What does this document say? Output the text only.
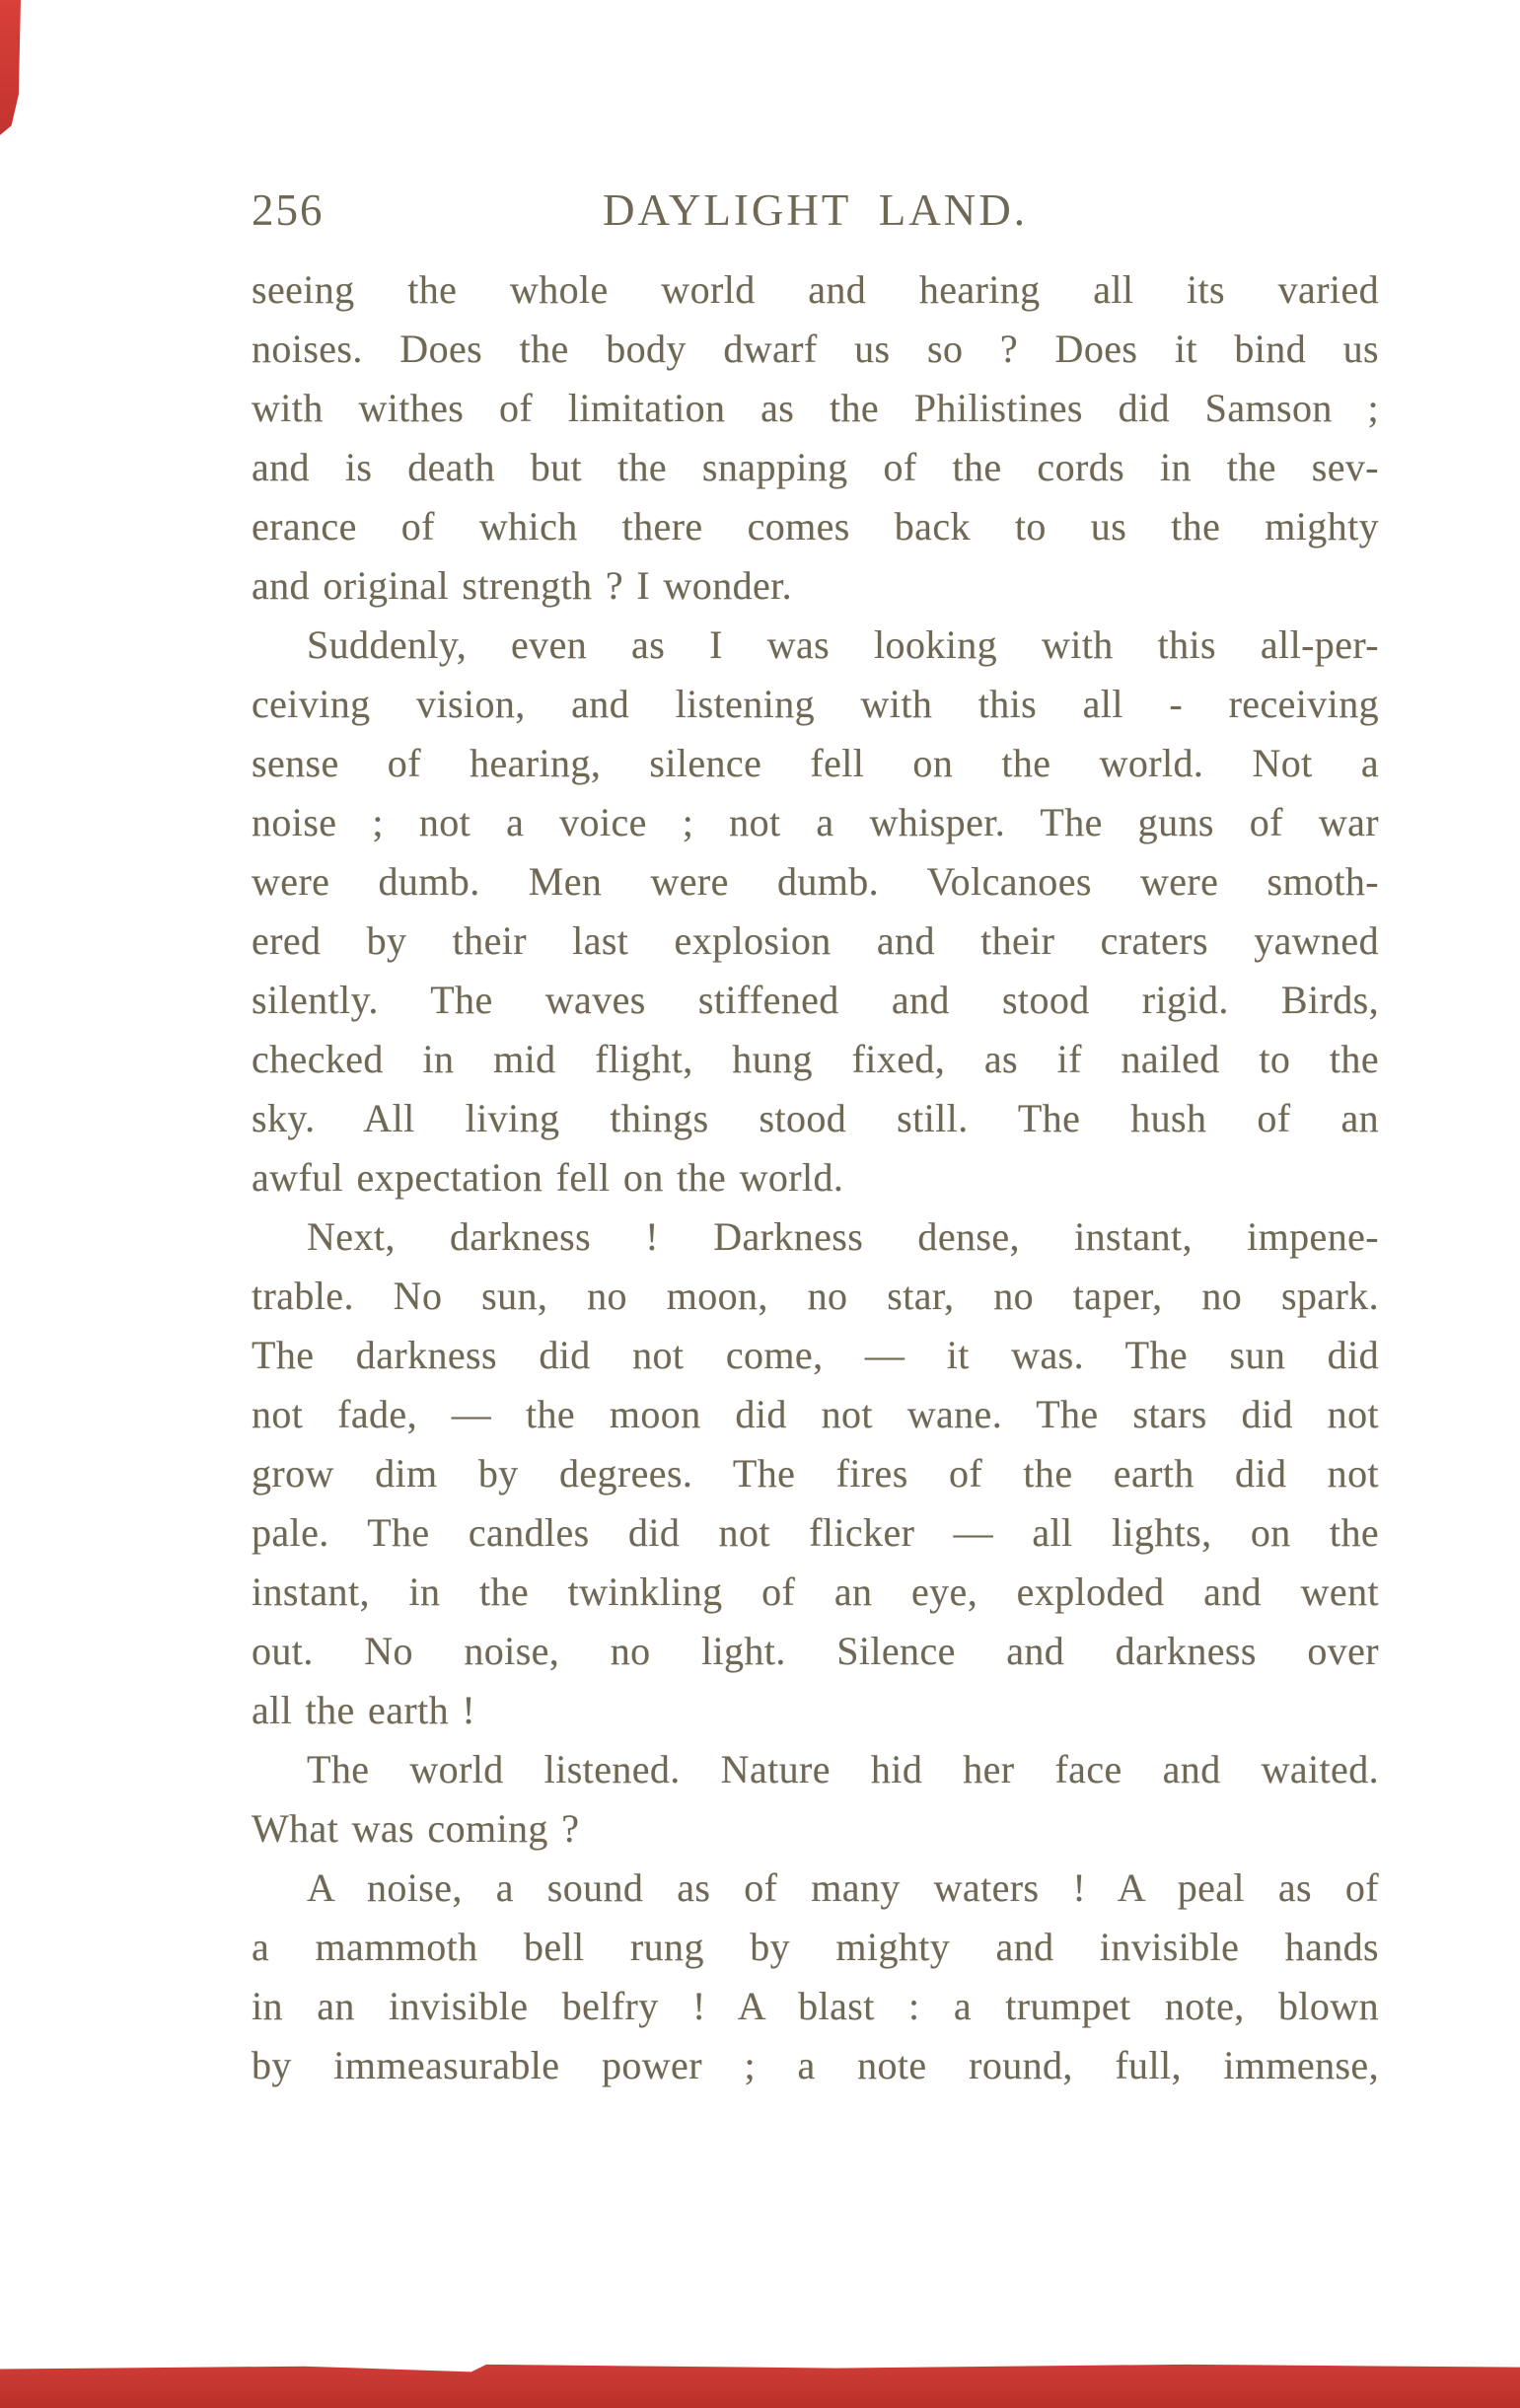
256	DAYLIGHT LAND.
seeing the whole world and hearing all its varied
noises. Does the body dwarf us so ? Does it bind us
with withes of limitation as the Philistines did Samson ;
and is death but the snapping of the cords in the sev-
erance of which there comes back to us the mighty
and original strength ? I wonder.
Suddenly, even as I was looking with this all-per-
ceiving vision, and listening with this all - receiving
sense of hearing, silence fell on the world. Not a
noise ; not a voice ; not a whisper. The guns of war
were dumb. Men were dumb. Volcanoes were smoth-
ered by their last explosion and their craters yawned
silently. The waves stiffened and stood rigid. Birds,
checked in mid flight, hung fixed, as if nailed to the
sky. All living things stood still. The hush of an
awful expectation fell on the world.
Next, darkness ! Darkness dense, instant, impene-
trable. No sun, no moon, no star, no taper, no spark.
The darkness did not come, — it was. The sun did
not fade, — the moon did not wane. The stars did not
grow dim by degrees. The fires of the earth did not
pale. The candles did not flicker — all lights, on the
instant, in the twinkling of an eye, exploded and went
out. No noise, no light. Silence and darkness over
all the earth !
The world listened. Nature hid her face and waited.
What was coming ?
A noise, a sound as of many waters ! A peal as of
a mammoth bell rung by mighty and invisible hands
in an invisible belfry ! A blast : a trumpet note, blown
by immeasurable power ; a note round, full, immense,
